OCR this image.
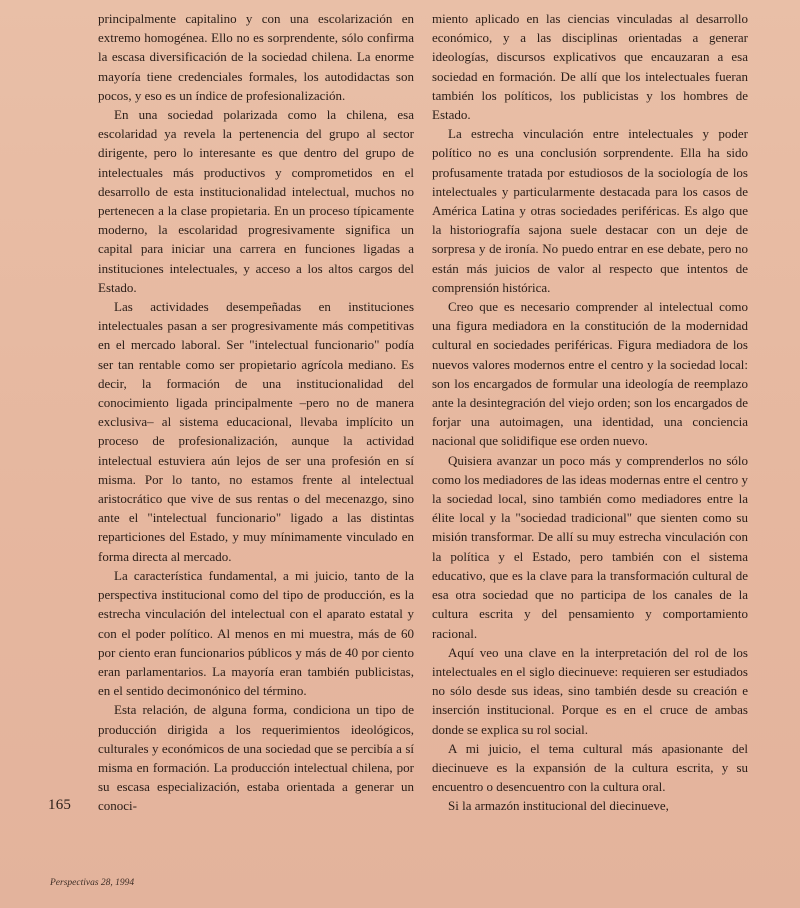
principalmente capitalino y con una escolarización en extremo homogénea. Ello no es sorprendente, sólo confirma la escasa diversificación de la sociedad chilena. La enorme mayoría tiene credenciales formales, los autodidactas son pocos, y eso es un índice de profesionalización.

En una sociedad polarizada como la chilena, esa escolaridad ya revela la pertenencia del grupo al sector dirigente, pero lo interesante es que dentro del grupo de intelectuales más productivos y comprometidos en el desarrollo de esta institucionalidad intelectual, muchos no pertenecen a la clase propietaria. En un proceso típicamente moderno, la escolaridad progresivamente significa un capital para iniciar una carrera en funciones ligadas a instituciones intelectuales, y acceso a los altos cargos del Estado.

Las actividades desempeñadas en instituciones intelectuales pasan a ser progresivamente más competitivas en el mercado laboral. Ser "intelectual funcionario" podía ser tan rentable como ser propietario agrícola mediano. Es decir, la formación de una institucionalidad del conocimiento ligada principalmente –pero no de manera exclusiva– al sistema educacional, llevaba implícito un proceso de profesionalización, aunque la actividad intelectual estuviera aún lejos de ser una profesión en sí misma. Por lo tanto, no estamos frente al intelectual aristocrático que vive de sus rentas o del mecenazgo, sino ante el "intelectual funcionario" ligado a las distintas reparticiones del Estado, y muy mínimamente vinculado en forma directa al mercado.

La característica fundamental, a mi juicio, tanto de la perspectiva institucional como del tipo de producción, es la estrecha vinculación del intelectual con el aparato estatal y con el poder político. Al menos en mi muestra, más de 60 por ciento eran funcionarios públicos y más de 40 por ciento eran parlamentarios. La mayoría eran también publicistas, en el sentido decimonónico del término.

Esta relación, de alguna forma, condiciona un tipo de producción dirigida a los requerimientos ideológicos, culturales y económicos de una sociedad que se percibía a sí misma en formación. La producción intelectual chilena, por su escasa especialización, estaba orientada a generar un conoci-

miento aplicado en las ciencias vinculadas al desarrollo económico, y a las disciplinas orientadas a generar ideologías, discursos explicativos que encauzaran a esa sociedad en formación. De allí que los intelectuales fueran también los políticos, los publicistas y los hombres de Estado.

La estrecha vinculación entre intelectuales y poder político no es una conclusión sorprendente. Ella ha sido profusamente tratada por estudiosos de la sociología de los intelectuales y particularmente destacada para los casos de América Latina y otras sociedades periféricas. Es algo que la historiografía sajona suele destacar con un deje de sorpresa y de ironía. No puedo entrar en ese debate, pero no están más juicios de valor al respecto que intentos de comprensión histórica.

Creo que es necesario comprender al intelectual como una figura mediadora en la constitución de la modernidad cultural en sociedades periféricas. Figura mediadora de los nuevos valores modernos entre el centro y la sociedad local: son los encargados de formular una ideología de reemplazo ante la desintegración del viejo orden; son los encargados de forjar una autoimagen, una identidad, una conciencia nacional que solidifique ese orden nuevo.

Quisiera avanzar un poco más y comprenderlos no sólo como los mediadores de las ideas modernas entre el centro y la sociedad local, sino también como mediadores entre la élite local y la "sociedad tradicional" que sienten como su misión transformar. De allí su muy estrecha vinculación con la política y el Estado, pero también con el sistema educativo, que es la clave para la transformación cultural de esa otra sociedad que no participa de los canales de la cultura escrita y del pensamiento y comportamiento racional.

Aquí veo una clave en la interpretación del rol de los intelectuales en el siglo diecinueve: requieren ser estudiados no sólo desde sus ideas, sino también desde su creación e inserción institucional. Porque es en el cruce de ambas donde se explica su rol social.

A mi juicio, el tema cultural más apasionante del diecinueve es la expansión de la cultura escrita, y su encuentro o desencuentro con la cultura oral.

Si la armazón institucional del diecinueve,

165
Perspectivas 28, 1994
